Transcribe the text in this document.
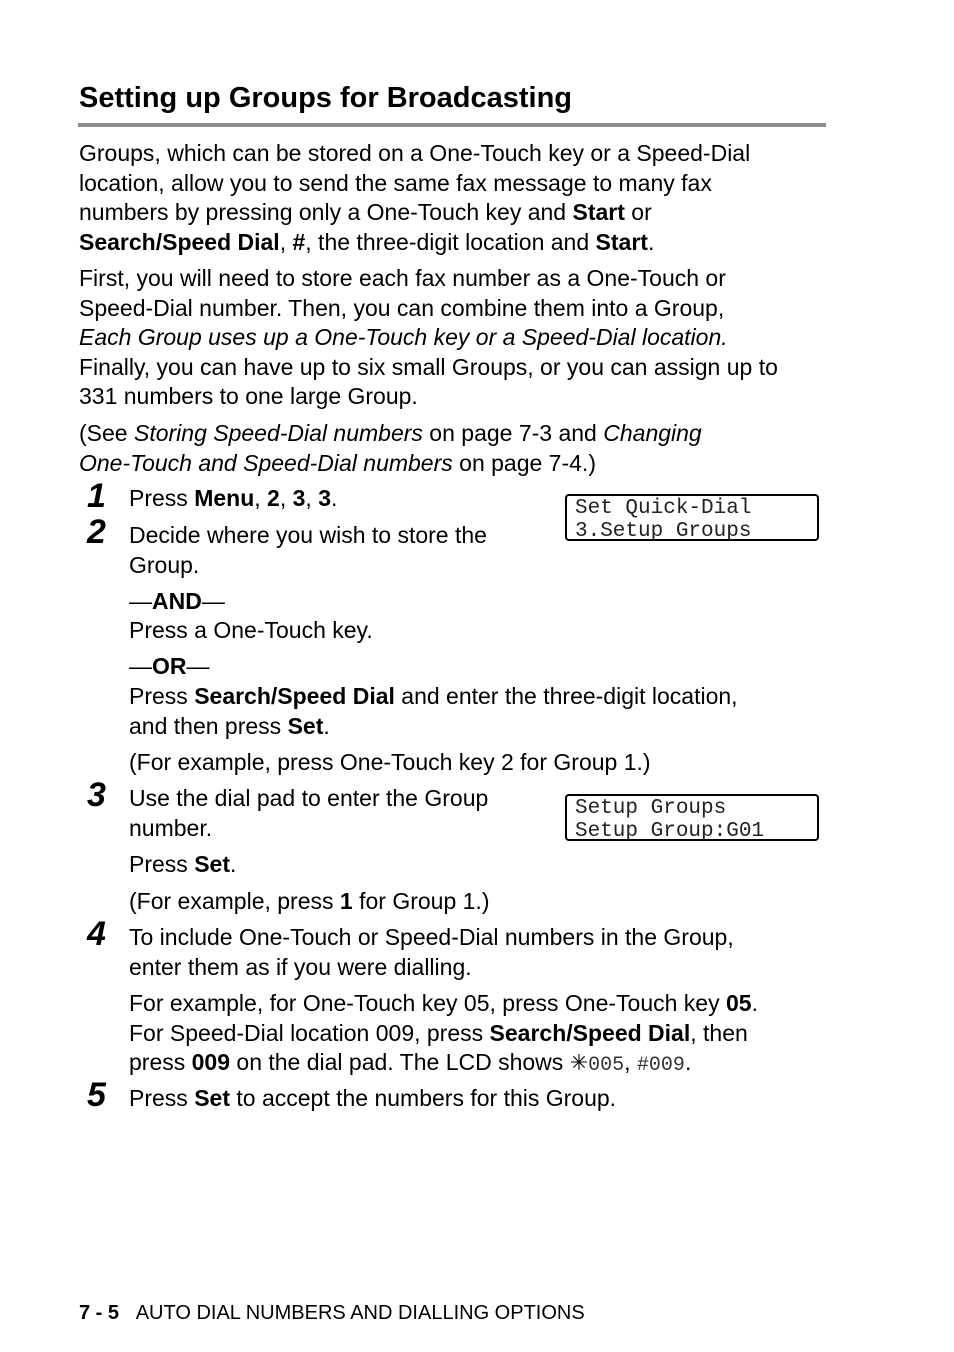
Setting up Groups for Broadcasting

Groups, which can be stored on a One-Touch key or a Speed-Dial
location, allow you to send the same fax message to many fax
numbers by pressing only a One-Touch key and Start or
Search/Speed Dial, #, the three-digit location and Start.

First, you will need to store each fax number as a One-Touch or
Speed-Dial number. Then, you can combine them into a Group,
Each Group uses up a One-Touch key or a Speed-Dial location.
Finally, you can have up to six small Groups, or you can assign up to
331 numbers to one large Group.

(See Storing Speed-Dial numbers on page 7-3 and Changing
One-Touch and Speed-Dial numbers on page 7-4.)

1 Press Menu, 2, 3, 3.	Set Quick-Dial
3.Setup Groups
2 Decide where you wish to store the
Group.

—AND—

Press a One-Touch key.

—OR—

Press Search/Speed Dial and enter the three-digit location,
and then press Set.

(For example, press One-Touch key 2 for Group 1.)

3 Use the dial pad to enter the Group
number.

Setup Groups
Setup Group:G01

Press Set.

(For example, press 1 for Group 1.)

4 To include One-Touch or Speed-Dial numbers in the Group,
enter them as if you were dialling.

For example, for One-Touch key 05, press One-Touch key 05.
For Speed-Dial location 009, press Search/Speed Dial, then
press 009 on the dial pad. The LCD shows ✳005, #009.

5 Press Set to accept the numbers for this Group.

7 - 5 AUTO DIAL NUMBERS AND DIALLING OPTIONS
